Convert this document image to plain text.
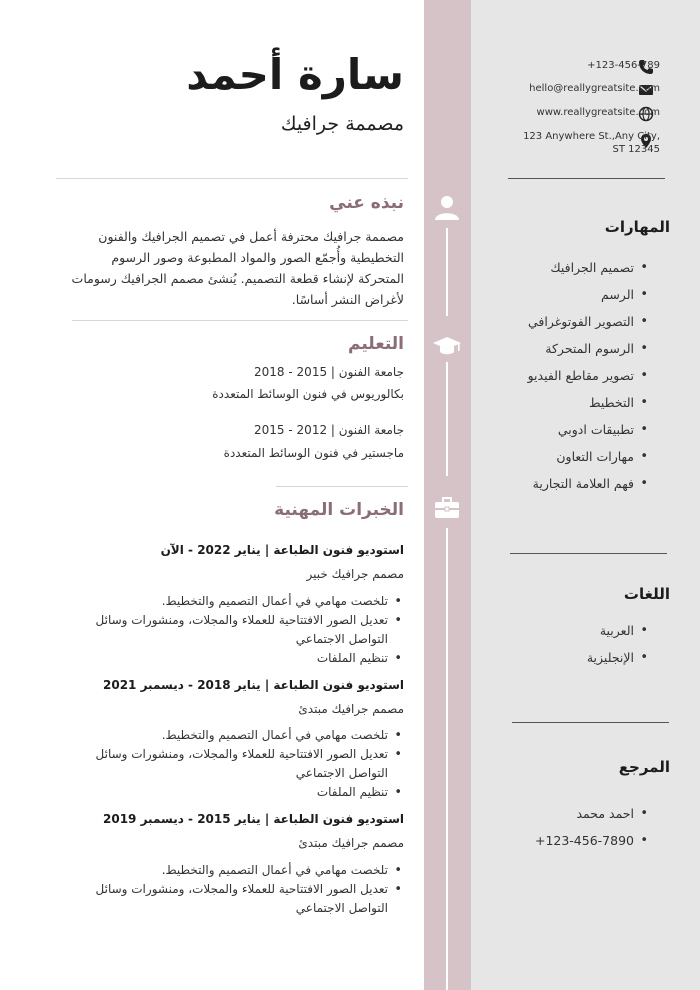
سارة أحمد
مصممة جرافيك
نبذه عني
مصممة جرافيك محترفة أعمل في تصميم الجرافيك والفنون التخطيطية وأُجمّع الصور والمواد المطبوعة وصور الرسوم المتحركة لإنشاء قطعة التصميم. يُنشئ مصمم الجرافيك رسومات لأغراض النشر أساسًا.
التعليم
جامعة الفنون | 2015 - 2018
بكالوريوس في فنون الوسائط المتعددة
جامعة الفنون | 2012 - 2015
ماجستير في فنون الوسائط المتعددة
الخبرات المهنية
استوديو فنون الطباعة | يناير 2022 - الآن
مصمم جرافيك خبير
• تلخصت مهامي في أعمال التصميم والتخطيط.
• تعديل الصور الافتتاحية للعملاء والمجلات، ومنشورات وسائل التواصل الاجتماعي
• تنظيم الملفات
استوديو فنون الطباعة | يناير 2018 - ديسمبر 2021
مصمم جرافيك مبتدئ
• تلخصت مهامي في أعمال التصميم والتخطيط.
• تعديل الصور الافتتاحية للعملاء والمجلات، ومنشورات وسائل التواصل الاجتماعي
• تنظيم الملفات
استوديو فنون الطباعة | يناير 2015 - ديسمبر 2019
مصمم جرافيك مبتدئ
• تلخصت مهامي في أعمال التصميم والتخطيط.
• تعديل الصور الافتتاحية للعملاء والمجلات، ومنشورات وسائل التواصل الاجتماعي
+123-456-789
hello@reallygreatsite.com
www.reallygreatsite.com
123 Anywhere St.,Any City, ST 12345
المهارات
• تصميم الجرافيك
• الرسم
• التصوير الفوتوغرافي
• الرسوم المتحركة
• تصوير مقاطع الفيديو
• التخطيط
• تطبيقات ادوبي
• مهارات التعاون
• فهم العلامة التجارية
اللغات
• العربية
• الإنجليزية
المرجع
• احمد محمد
• +123-456-7890
